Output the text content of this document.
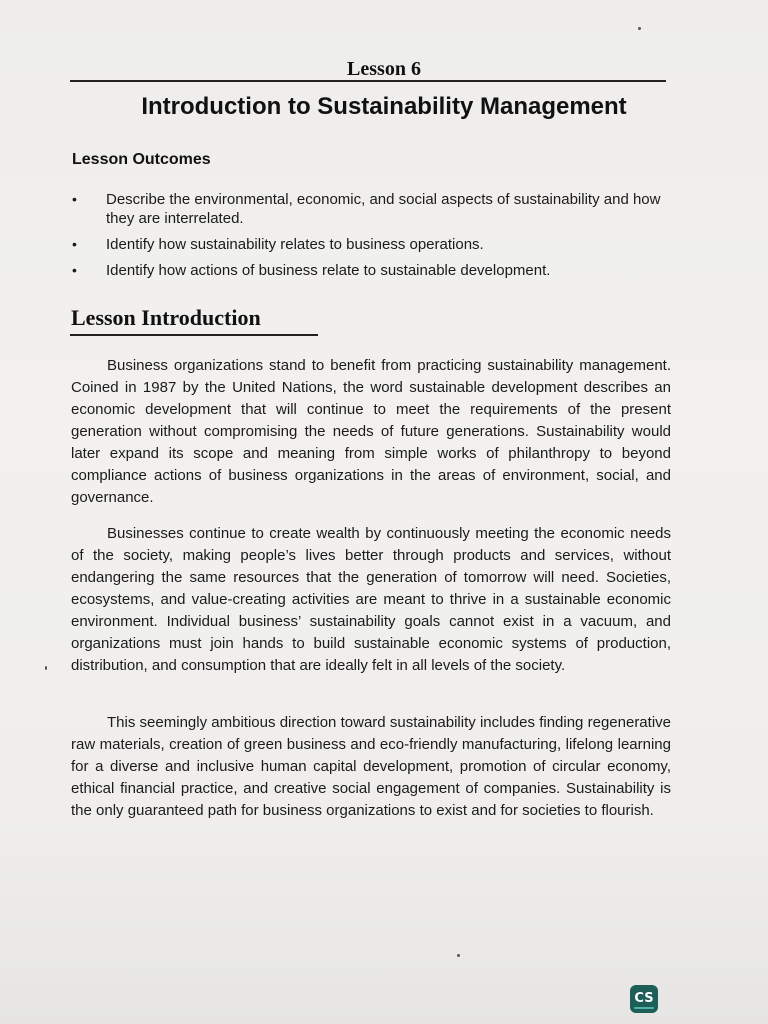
Lesson 6
Introduction to Sustainability Management
Lesson Outcomes
• Describe the environmental, economic, and social aspects of sustainability and how they are interrelated.
• Identify how sustainability relates to business operations.
• Identify how actions of business relate to sustainable development.
Lesson Introduction

Business organizations stand to benefit from practicing sustainability management. Coined in 1987 by the United Nations, the word sustainable development describes an economic development that will continue to meet the requirements of the present generation without compromising the needs of future generations. Sustainability would later expand its scope and meaning from simple works of philanthropy to beyond compliance actions of business organizations in the areas of environment, social, and governance.

Businesses continue to create wealth by continuously meeting the economic needs of the society, making people’s lives better through products and services, without endangering the same resources that the generation of tomorrow will need. Societies, ecosystems, and value-creating activities are meant to thrive in a sustainable economic environment. Individual business’ sustainability goals cannot exist in a vacuum, and organizations must join hands to build sustainable economic systems of production, distribution, and consumption that are ideally felt in all levels of the society.

This seemingly ambitious direction toward sustainability includes finding regenerative raw materials, creation of green business and eco-friendly manufacturing, lifelong learning for a diverse and inclusive human capital development, promotion of circular economy, ethical financial practice, and creative social engagement of companies. Sustainability is the only guaranteed path for business organizations to exist and for societies to flourish.

CS
